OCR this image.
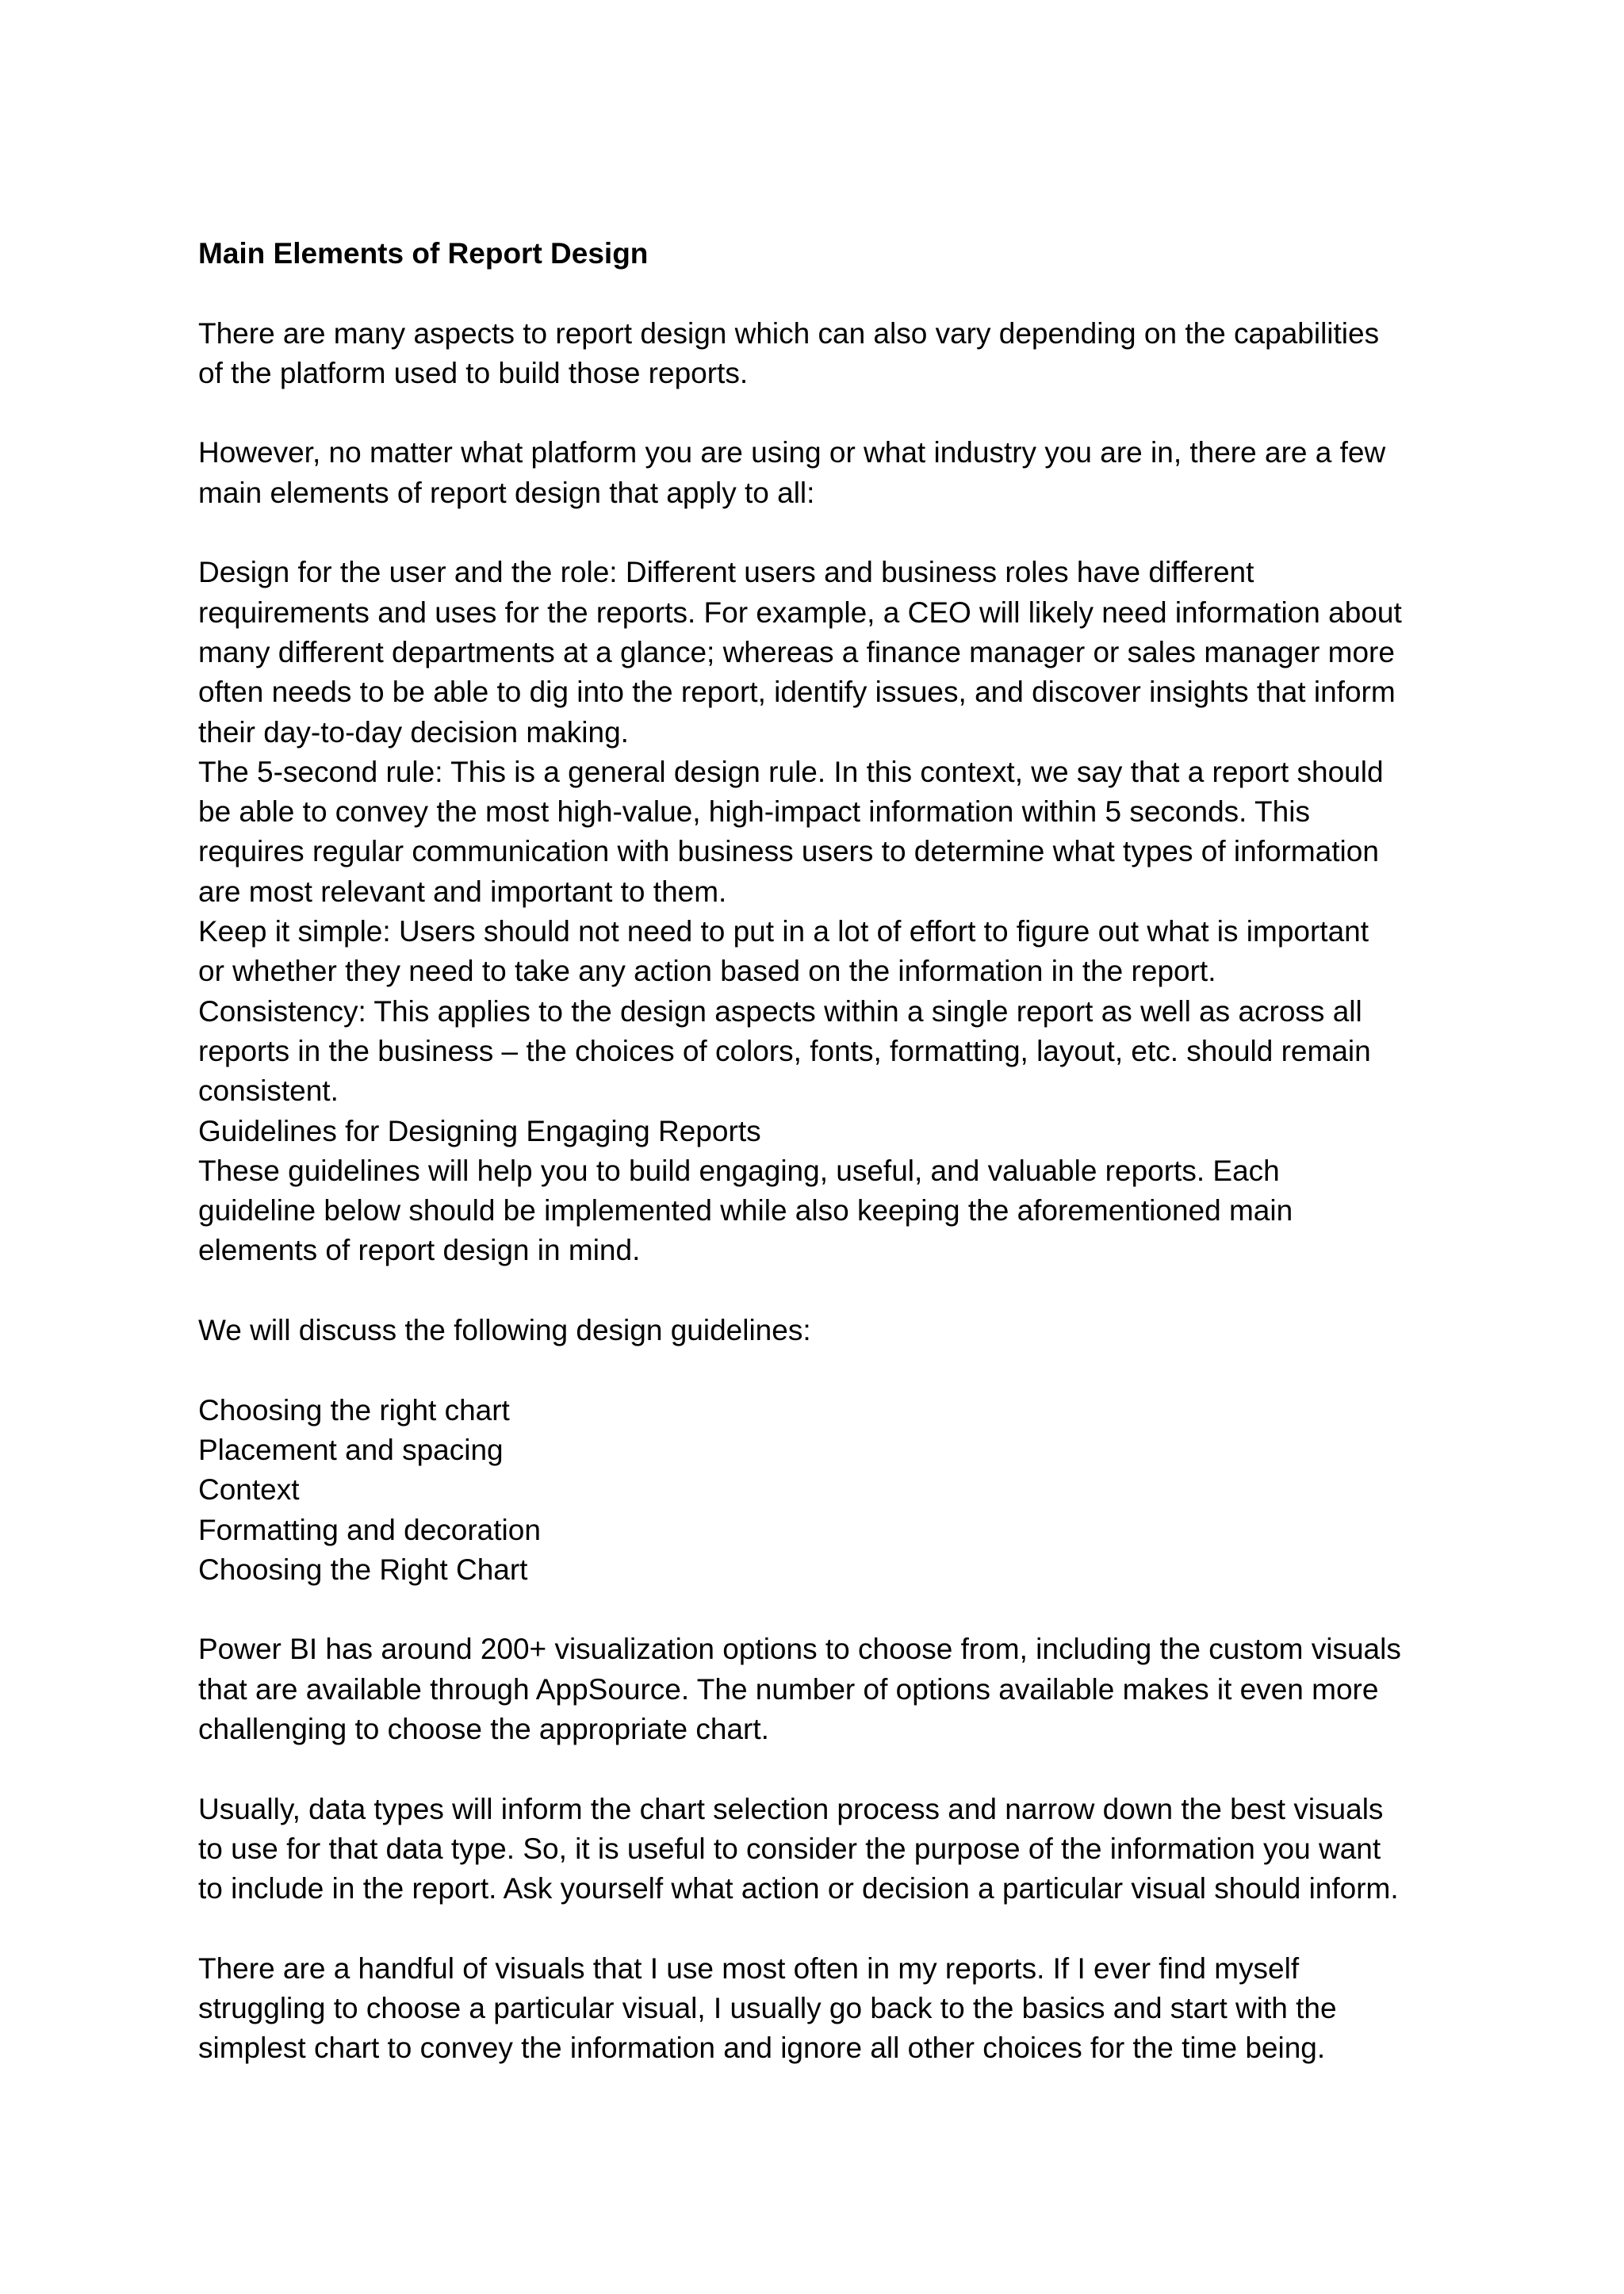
Main Elements of Report Design
There are many aspects to report design which can also vary depending on the capabilities
of the platform used to build those reports.
However, no matter what platform you are using or what industry you are in, there are a few
main elements of report design that apply to all:
Design for the user and the role: Different users and business roles have different
requirements and uses for the reports. For example, a CEO will likely need information about
many different departments at a glance; whereas a finance manager or sales manager more
often needs to be able to dig into the report, identify issues, and discover insights that inform
their day-to-day decision making.
The 5-second rule: This is a general design rule. In this context, we say that a report should
be able to convey the most high-value, high-impact information within 5 seconds. This
requires regular communication with business users to determine what types of information
are most relevant and important to them.
Keep it simple: Users should not need to put in a lot of effort to figure out what is important
or whether they need to take any action based on the information in the report.
Consistency: This applies to the design aspects within a single report as well as across all
reports in the business – the choices of colors, fonts, formatting, layout, etc. should remain
consistent.
Guidelines for Designing Engaging Reports
These guidelines will help you to build engaging, useful, and valuable reports. Each
guideline below should be implemented while also keeping the aforementioned main
elements of report design in mind.
We will discuss the following design guidelines:
Choosing the right chart
Placement and spacing
Context
Formatting and decoration
Choosing the Right Chart
Power BI has around 200+ visualization options to choose from, including the custom visuals
that are available through AppSource. The number of options available makes it even more
challenging to choose the appropriate chart.
Usually, data types will inform the chart selection process and narrow down the best visuals
to use for that data type. So, it is useful to consider the purpose of the information you want
to include in the report. Ask yourself what action or decision a particular visual should inform.
There are a handful of visuals that I use most often in my reports. If I ever find myself
struggling to choose a particular visual, I usually go back to the basics and start with the
simplest chart to convey the information and ignore all other choices for the time being.
